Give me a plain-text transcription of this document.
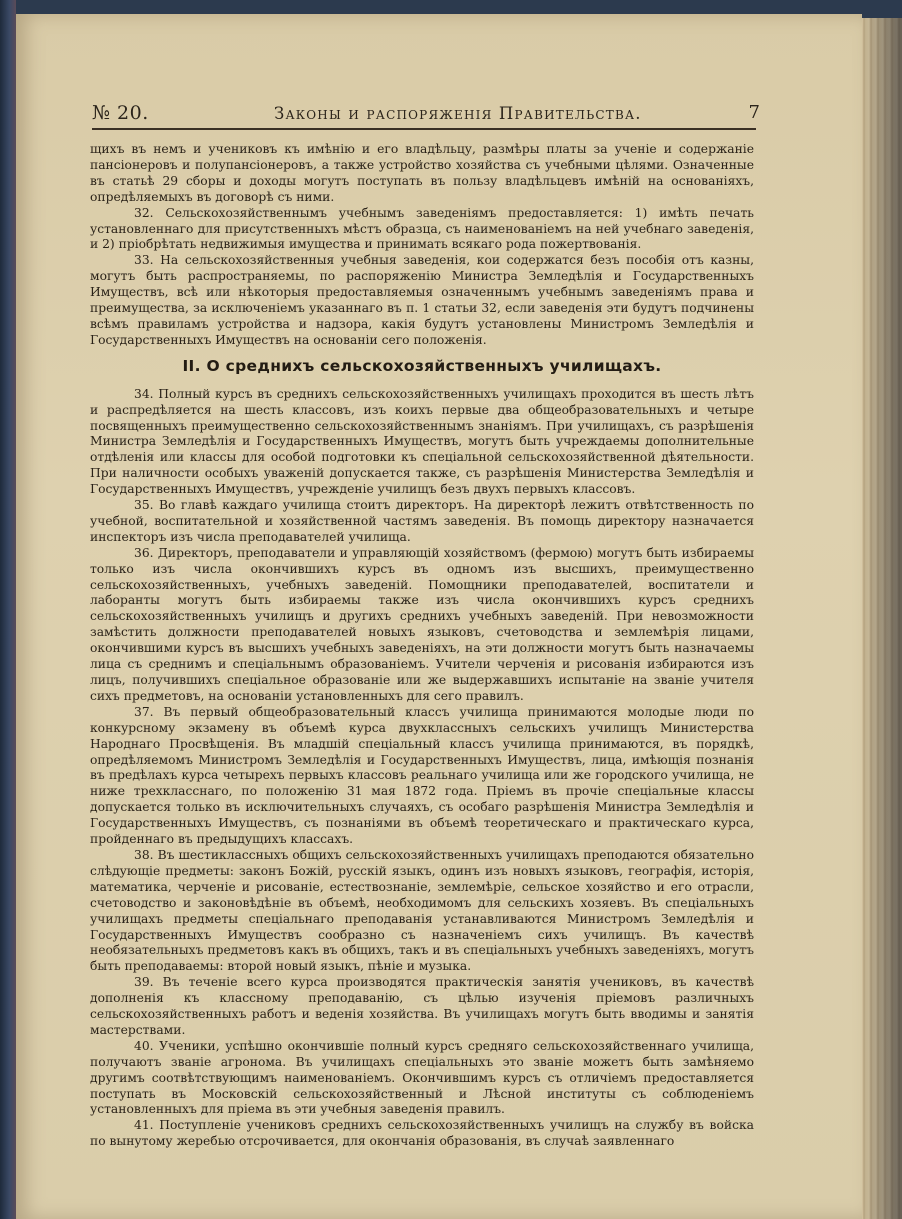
№ 20.	Законы и распоряженія Правительства.	7

щихъ въ немъ и учениковъ къ имѣнію и его владѣльцу, размѣры платы за ученіе и содержаніе пансіонеровъ и полупансіонеровъ, а также устройство хозяйства съ учебными цѣлями. Означенные въ статьѣ 29 сборы и доходы могутъ поступать въ пользу владѣльцевъ имѣній на основаніяхъ, опредѣляемыхъ въ договорѣ съ ними.

32. Сельскохозяйственнымъ учебнымъ заведеніямъ предоставляется: 1) имѣть печать установленнаго для присутственныхъ мѣстъ образца, съ наименованіемъ на ней учебнаго заведенія, и 2) пріобрѣтать недвижимыя имущества и принимать всякаго рода пожертвованія.

33. На сельскохозяйственныя учебныя заведенія, кои содержатся безъ пособія отъ казны, могутъ быть распространяемы, по распоряженію Министра Земледѣлія и Государственныхъ Имуществъ, всѣ или нѣкоторыя предоставляемыя означеннымъ учебнымъ заведеніямъ права и преимущества, за исключеніемъ указаннаго въ п. 1 статьи 32, если заведенія эти будутъ подчинены всѣмъ правиламъ устройства и надзора, какія будутъ установлены Министромъ Земледѣлія и Государственныхъ Имуществъ на основаніи сего положенія.

II. О среднихъ сельскохозяйственныхъ училищахъ.

34. Полный курсъ въ среднихъ сельскохозяйственныхъ училищахъ проходится въ шесть лѣтъ и распредѣляется на шесть классовъ, изъ коихъ первые два общеобразовательныхъ и четыре посвященныхъ преимущественно сельскохозяйственнымъ знаніямъ. При училищахъ, съ разрѣшенія Министра Земледѣлія и Государственныхъ Имуществъ, могутъ быть учреждаемы дополнительные отдѣленія или классы для особой подготовки къ спеціальной сельскохозяйственной дѣятельности. При наличности особыхъ уваженій допускается также, съ разрѣшенія Министерства Земледѣлія и Государственныхъ Имуществъ, учрежденіе училищъ безъ двухъ первыхъ классовъ.

35. Во главѣ каждаго училища стоитъ директоръ. На директорѣ лежитъ отвѣтственность по учебной, воспитательной и хозяйственной частямъ заведенія. Въ помощь директору назначается инспекторъ изъ числа преподавателей училища.

36. Директоръ, преподаватели и управляющій хозяйствомъ (фермою) могутъ быть избираемы только изъ числа окончившихъ курсъ въ одномъ изъ высшихъ, преимущественно сельскохозяйственныхъ, учебныхъ заведеній. Помощники преподавателей, воспитатели и лаборанты могутъ быть избираемы также изъ числа окончившихъ курсъ среднихъ сельскохозяйственныхъ училищъ и другихъ среднихъ учебныхъ заведеній. При невозможности замѣстить должности преподавателей новыхъ языковъ, счетоводства и землемѣрія лицами, окончившими курсъ въ высшихъ учебныхъ заведеніяхъ, на эти должности могутъ быть назначаемы лица съ среднимъ и спеціальнымъ образованіемъ. Учители черченія и рисованія избираются изъ лицъ, получившихъ спеціальное образованіе или же выдержавшихъ испытаніе на званіе учителя сихъ предметовъ, на основаніи установленныхъ для сего правилъ.

37. Въ первый общеобразовательный классъ училища принимаются молодые люди по конкурсному экзамену въ объемѣ курса двухклассныхъ сельскихъ училищъ Министерства Народнаго Просвѣщенія. Въ младшій спеціальный классъ училища принимаются, въ порядкѣ, опредѣляемомъ Министромъ Земледѣлія и Государственныхъ Имуществъ, лица, имѣющія познанія въ предѣлахъ курса четырехъ первыхъ классовъ реальнаго училища или же городского училища, не ниже трехкласснаго, по положенію 31 мая 1872 года. Пріемъ въ прочіе спеціальные классы допускается только въ исключительныхъ случаяхъ, съ особаго разрѣшенія Министра Земледѣлія и Государственныхъ Имуществъ, съ познаніями въ объемѣ теоретическаго и практическаго курса, пройденнаго въ предыдущихъ классахъ.

38. Въ шестиклассныхъ общихъ сельскохозяйственныхъ училищахъ преподаются обязательно слѣдующіе предметы: законъ Божій, русскій языкъ, одинъ изъ новыхъ языковъ, географія, исторія, математика, черченіе и рисованіе, естествознаніе, землемѣріе, сельское хозяйство и его отрасли, счетоводство и законовѣдѣніе въ объемѣ, необходимомъ для сельскихъ хозяевъ. Въ спеціальныхъ училищахъ предметы спеціальнаго преподаванія устанавливаются Министромъ Земледѣлія и Государственныхъ Имуществъ сообразно съ назначеніемъ сихъ училищъ. Въ качествѣ необязательныхъ предметовъ какъ въ общихъ, такъ и въ спеціальныхъ учебныхъ заведеніяхъ, могутъ быть преподаваемы: второй новый языкъ, пѣніе и музыка.

39. Въ теченіе всего курса производятся практическія занятія учениковъ, въ качествѣ дополненія къ классному преподаванію, съ цѣлью изученія пріемовъ различныхъ сельскохозяйственныхъ работъ и веденія хозяйства. Въ училищахъ могутъ быть вводимы и занятія мастерствами.

40. Ученики, успѣшно окончившіе полный курсъ средняго сельскохозяйственнаго училища, получаютъ званіе агронома. Въ училищахъ спеціальныхъ это званіе можетъ быть замѣняемо другимъ соотвѣтствующимъ наименованіемъ. Окончившимъ курсъ съ отличіемъ предоставляется поступать въ Московскій сельскохозяйственный и Лѣсной институты съ соблюденіемъ установленныхъ для пріема въ эти учебныя заведенія правилъ.

41. Поступленіе учениковъ среднихъ сельскохозяйственныхъ училищъ на службу въ войска по вынутому жеребью отсрочивается, для окончанія образованія, въ случаѣ заявленнаго
